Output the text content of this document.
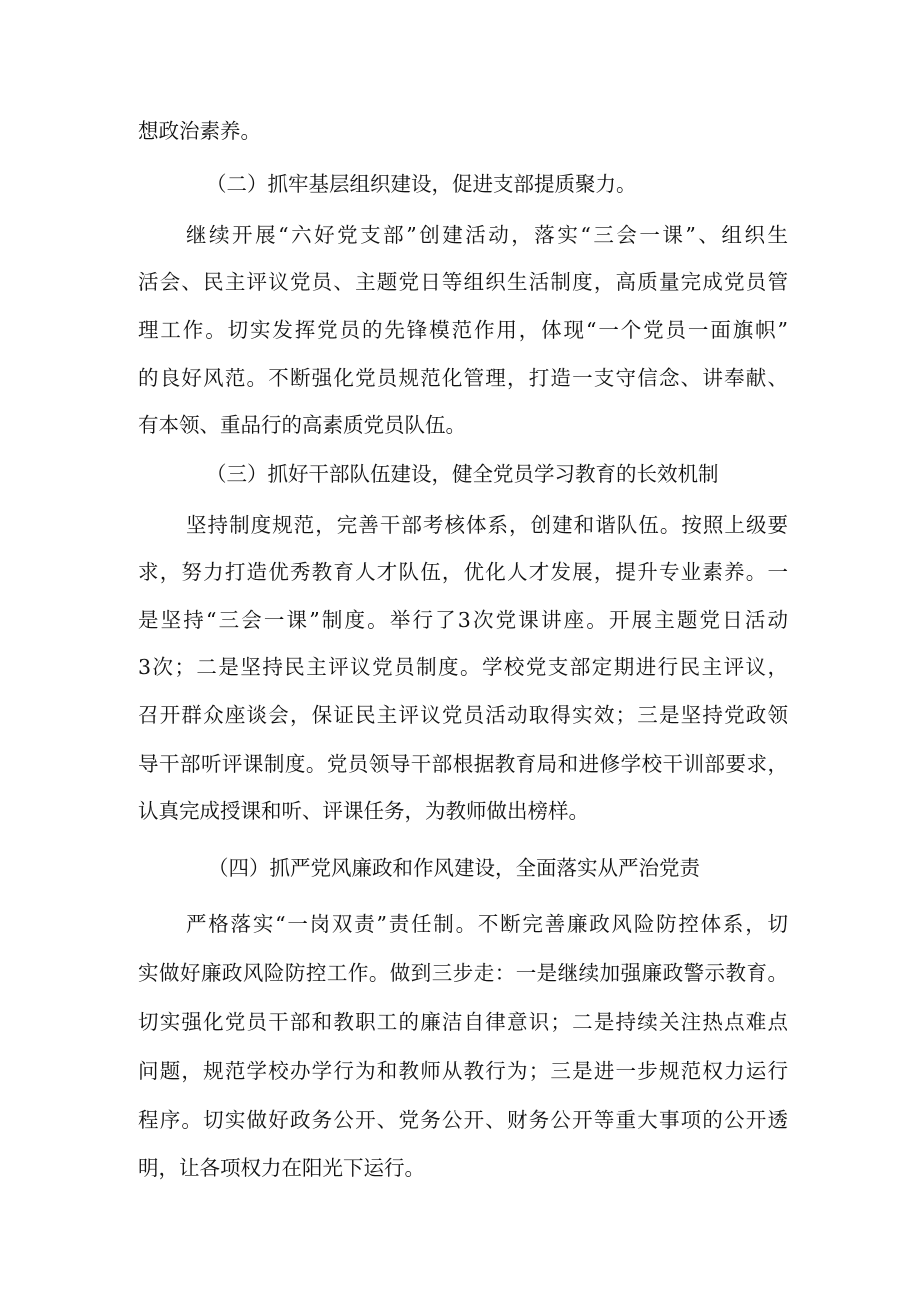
想政治素养。
（二）抓牢基层组织建设，促进支部提质聚力。
继续开展“六好党支部”创建活动，落实“三会一课”、组织生
活会、民主评议党员、主题党日等组织生活制度，高质量完成党员管
理工作。切实发挥党员的先锋模范作用，体现“一个党员一面旗帜”
的良好风范。不断强化党员规范化管理，打造一支守信念、讲奉献、
有本领、重品行的高素质党员队伍。
（三）抓好干部队伍建设，健全党员学习教育的长效机制
坚持制度规范，完善干部考核体系，创建和谐队伍。按照上级要
求，努力打造优秀教育人才队伍，优化人才发展，提升专业素养。一
是坚持“三会一课”制度。举行了3次党课讲座。开展主题党日活动
3次；二是坚持民主评议党员制度。学校党支部定期进行民主评议，
召开群众座谈会，保证民主评议党员活动取得实效；三是坚持党政领
导干部听评课制度。党员领导干部根据教育局和进修学校干训部要求，
认真完成授课和听、评课任务，为教师做出榜样。
（四）抓严党风廉政和作风建设，全面落实从严治党责
严格落实“一岗双责”责任制。不断完善廉政风险防控体系，切
实做好廉政风险防控工作。做到三步走：一是继续加强廉政警示教育。
切实强化党员干部和教职工的廉洁自律意识；二是持续关注热点难点
问题，规范学校办学行为和教师从教行为；三是进一步规范权力运行
程序。切实做好政务公开、党务公开、财务公开等重大事项的公开透
明，让各项权力在阳光下运行。
